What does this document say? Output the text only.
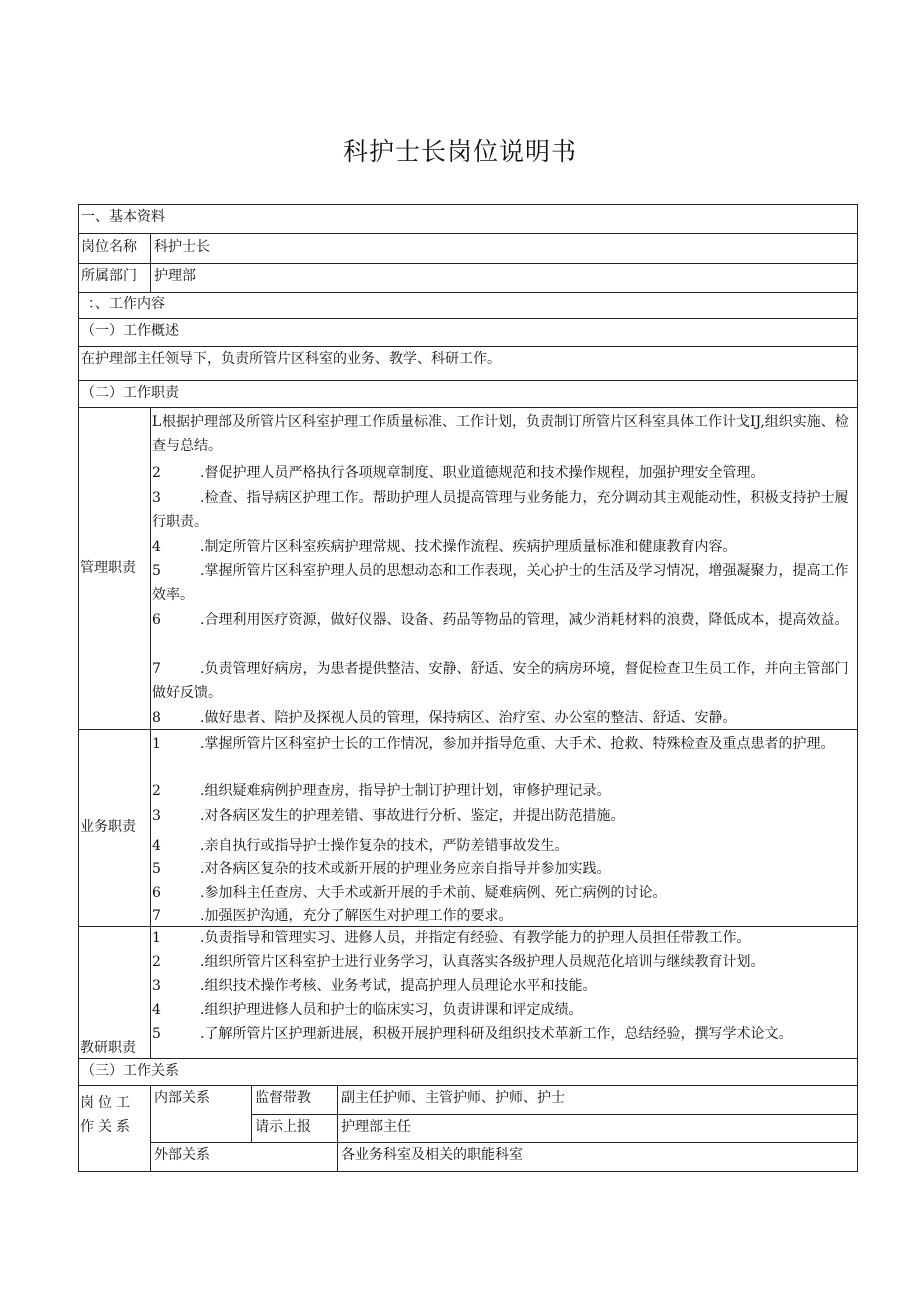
科护士长岗位说明书
一、基本资料
岗位名称 科护士长
所属部门 护理部
：、工作内容
（一）工作概述
在护理部主任领导下，负责所管片区科室的业务、教学、科研工作。
（二）工作职责
管理职责
L 根据护理部及所管片区科室护理工作质量标准、工作计划，负责制订所管片区科室具体工作计戈IJ,组织实施、检查与总结。
2	.督促护理人员严格执行各项规章制度、职业道德规范和技术操作规程，加强护理安全管理。
3	.检查、指导病区护理工作。帮助护理人员提高管理与业务能力，充分调动其主观能动性，积极支持护士履行职责。
4	.制定所管片区科室疾病护理常规、技术操作流程、疾病护理质量标准和健康教育内容。
5	.掌握所管片区科室护理人员的思想动态和工作表现，关心护士的生活及学习情况，增强凝聚力，提高工作效率。
6	.合理利用医疗资源，做好仪器、设备、药品等物品的管理，减少消耗材料的浪费，降低成本，提高效益。
7	.负责管理好病房，为患者提供整洁、安静、舒适、安全的病房环境，督促检查卫生员工作，并向主管部门做好反馈。
8	.做好患者、陪护及探视人员的管理，保持病区、治疗室、办公室的整洁、舒适、安静。
业务职责
1	.掌握所管片区科室护士长的工作情况，参加并指导危重、大手术、抢救、特殊检查及重点患者的护理。
2	.组织疑难病例护理查房，指导护士制订护理计划，审修护理记录。
3	.对各病区发生的护理差错、事故进行分析、鉴定，并提出防范措施。
4	.亲自执行或指导护士操作复杂的技术，严防差错事故发生。
5	.对各病区复杂的技术或新开展的护理业务应亲自指导并参加实践。
6	.参加科主任查房、大手术或新开展的手术前、疑难病例、死亡病例的讨论。
7	.加强医护沟通，充分了解医生对护理工作的要求。
教研职责
1	.负责指导和管理实习、进修人员，并指定有经验、有教学能力的护理人员担任带教工作。
2	.组织所管片区科室护士进行业务学习，认真落实各级护理人员规范化培训与继续教育计划。
3	.组织技术操作考核、业务考试，提高护理人员理论水平和技能。
4	.组织护理进修人员和护士的临床实习，负责讲课和评定成绩。
5	.了解所管片区护理新进展，积极开展护理科研及组织技术革新工作，总结经验，撰写学术论文。
（三）工作关系
岗位工作关系
内部关系	监督带教 副主任护师、主管护师、护师、护士
请示上报 护理部主任
外部关系	各业务科室及相关的职能科室
